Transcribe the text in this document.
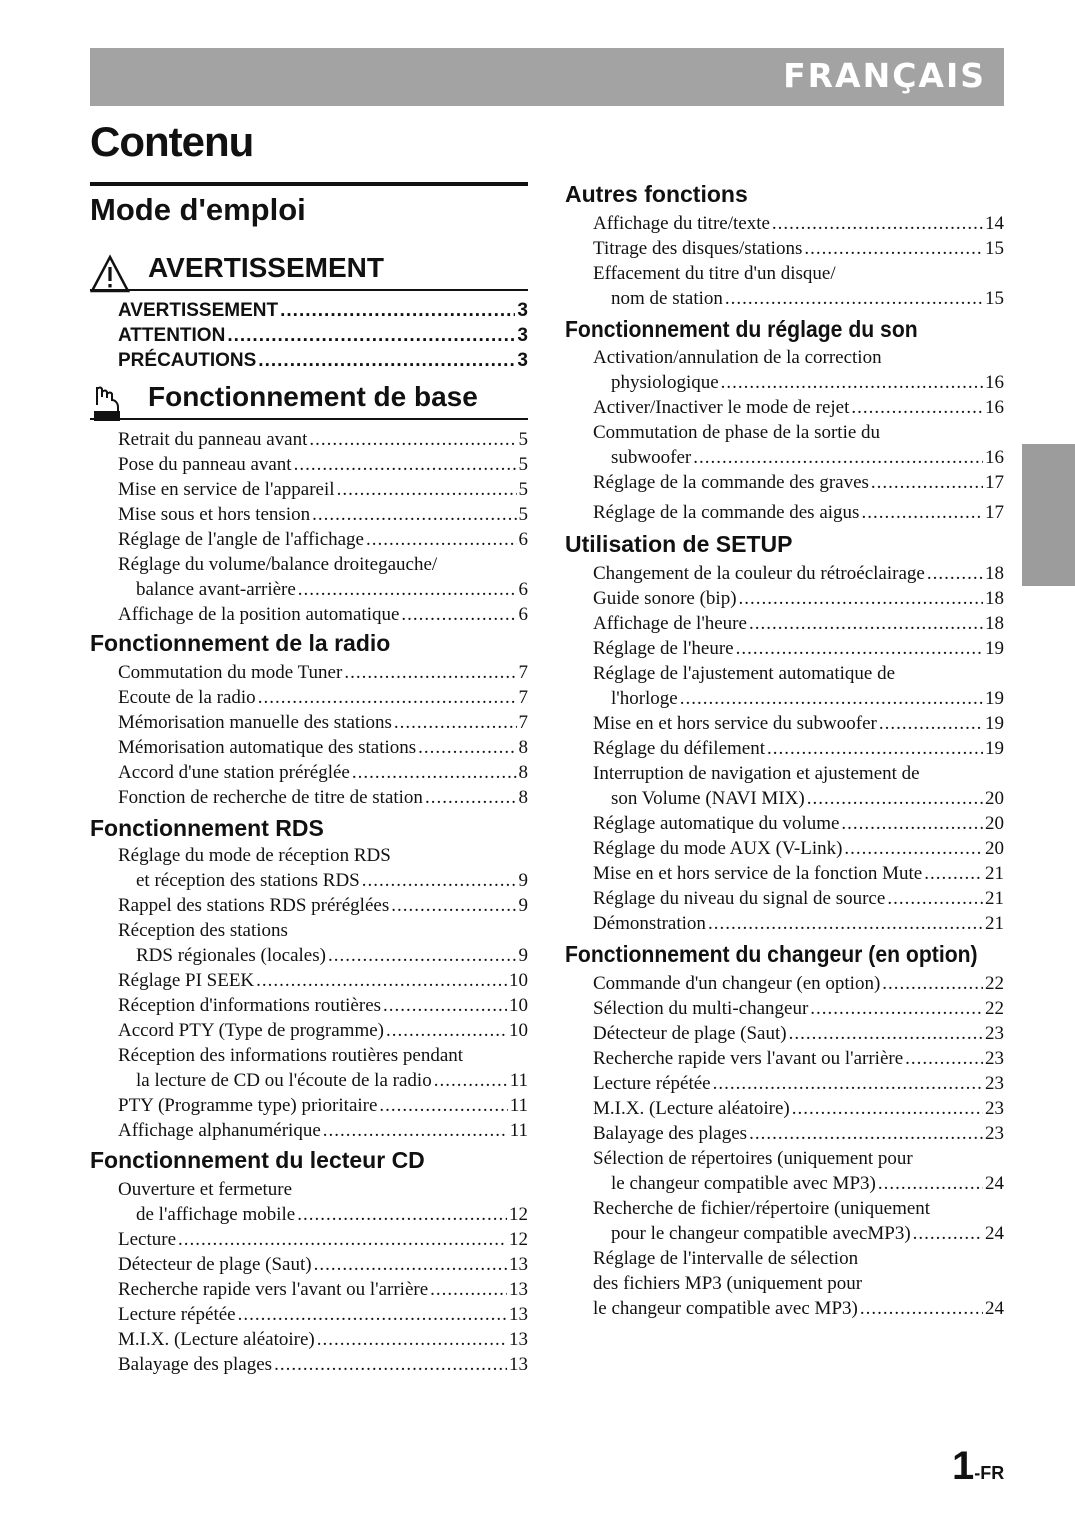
FRANÇAIS
Contenu
Mode d'emploi
AVERTISSEMENT
AVERTISSEMENT .....	3
ATTENTION .....	3
PRÉCAUTIONS .....	3
Fonctionnement de base
Retrait du panneau avant .....	5
Pose du panneau avant .....	5
Mise en service de l'appareil .....	5
Mise sous et hors tension .....	5
Réglage de l'angle de l'affichage .....	6
Réglage du volume/balance droitegauche/
balance avant-arrière .....	6
Affichage de la position automatique .....	6
Fonctionnement de la radio
Commutation du mode Tuner .....	7
Ecoute de la radio .....	7
Mémorisation manuelle des stations .....	7
Mémorisation automatique des stations .....	8
Accord d'une station préréglée .....	8
Fonction de recherche de titre de station .....	8
Fonctionnement RDS
Réglage du mode de réception RDS
et réception des stations RDS .....	9
Rappel des stations RDS préréglées .....	9
Réception des stations
RDS régionales (locales) .....	9
Réglage PI SEEK .....	10
Réception d'informations routières .....	10
Accord PTY (Type de programme) .....	10
Réception des informations routières pendant
la lecture de CD ou l'écoute de la radio .....	11
PTY (Programme type) prioritaire .....	11
Affichage alphanumérique .....	11
Fonctionnement du lecteur CD
Ouverture et fermeture
de l'affichage mobile .....	12
Lecture .....	12
Détecteur de plage (Saut) .....	13
Recherche rapide vers l'avant ou l'arrière .....	13
Lecture répétée .....	13
M.I.X. (Lecture aléatoire) .....	13
Balayage des plages .....	13
Autres fonctions
Affichage du titre/texte .....	14
Titrage des disques/stations .....	15
Effacement du titre d'un disque/
nom de station .....	15
Fonctionnement du réglage du son
Activation/annulation de la correction
physiologique .....	16
Activer/Inactiver le mode de rejet .....	16
Commutation de phase de la sortie du
subwoofer .....	16
Réglage de la commande des graves .....	17
Réglage de la commande des aigus .....	17
Utilisation de SETUP
Changement de la couleur du rétroéclairage .....	18
Guide sonore (bip) .....	18
Affichage de l'heure .....	18
Réglage de l'heure .....	19
Réglage de l'ajustement automatique de
l'horloge .....	19
Mise en et hors service du subwoofer .....	19
Réglage du défilement .....	19
Interruption de navigation et ajustement de
son Volume (NAVI MIX) .....	20
Réglage automatique du volume .....	20
Réglage du mode AUX (V-Link) .....	20
Mise en et hors service de la fonction Mute .....	21
Réglage du niveau du signal de source .....	21
Démonstration .....	21
Fonctionnement du changeur (en option)
Commande d'un changeur (en option) .....	22
Sélection du multi-changeur .....	22
Détecteur de plage (Saut) .....	23
Recherche rapide vers l'avant ou l'arrière .....	23
Lecture répétée .....	23
M.I.X. (Lecture aléatoire) .....	23
Balayage des plages .....	23
Sélection de répertoires (uniquement pour
le changeur compatible avec MP3) .....	24
Recherche de fichier/répertoire (uniquement
pour le changeur compatible avecMP3) .....	24
Réglage de l'intervalle de sélection
des fichiers MP3 (uniquement pour
le changeur compatible avec MP3) .....	24
1-FR
